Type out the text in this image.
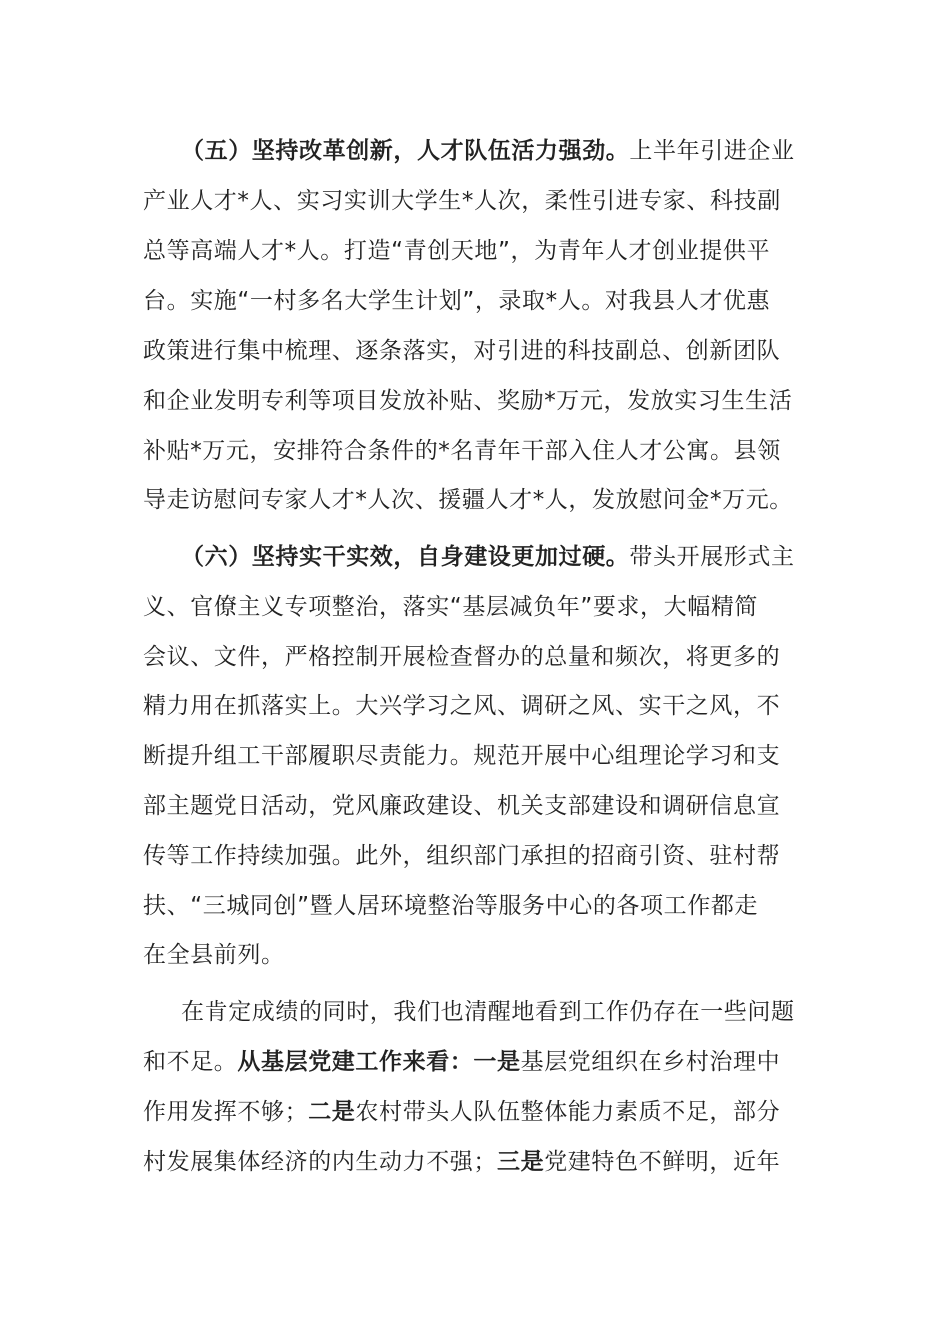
（五）坚持改革创新，人才队伍活力强劲。上半年引进企业
产业人才*人、实习实训大学生*人次，柔性引进专家、科技副
总等高端人才*人。打造“青创天地”，为青年人才创业提供平
台。实施“一村多名大学生计划”，录取*人。对我县人才优惠
政策进行集中梳理、逐条落实，对引进的科技副总、创新团队
和企业发明专利等项目发放补贴、奖励*万元，发放实习生生活
补贴*万元，安排符合条件的*名青年干部入住人才公寓。县领
导走访慰问专家人才*人次、援疆人才*人，发放慰问金*万元。
（六）坚持实干实效，自身建设更加过硬。带头开展形式主
义、官僚主义专项整治，落实“基层减负年”要求，大幅精简
会议、文件，严格控制开展检查督办的总量和频次，将更多的
精力用在抓落实上。大兴学习之风、调研之风、实干之风，不
断提升组工干部履职尽责能力。规范开展中心组理论学习和支
部主题党日活动，党风廉政建设、机关支部建设和调研信息宣
传等工作持续加强。此外，组织部门承担的招商引资、驻村帮
扶、“三城同创”暨人居环境整治等服务中心的各项工作都走
在全县前列。
在肯定成绩的同时，我们也清醒地看到工作仍存在一些问题
和不足。从基层党建工作来看：一是基层党组织在乡村治理中
作用发挥不够；二是农村带头人队伍整体能力素质不足，部分
村发展集体经济的内生动力不强；三是党建特色不鲜明，近年
